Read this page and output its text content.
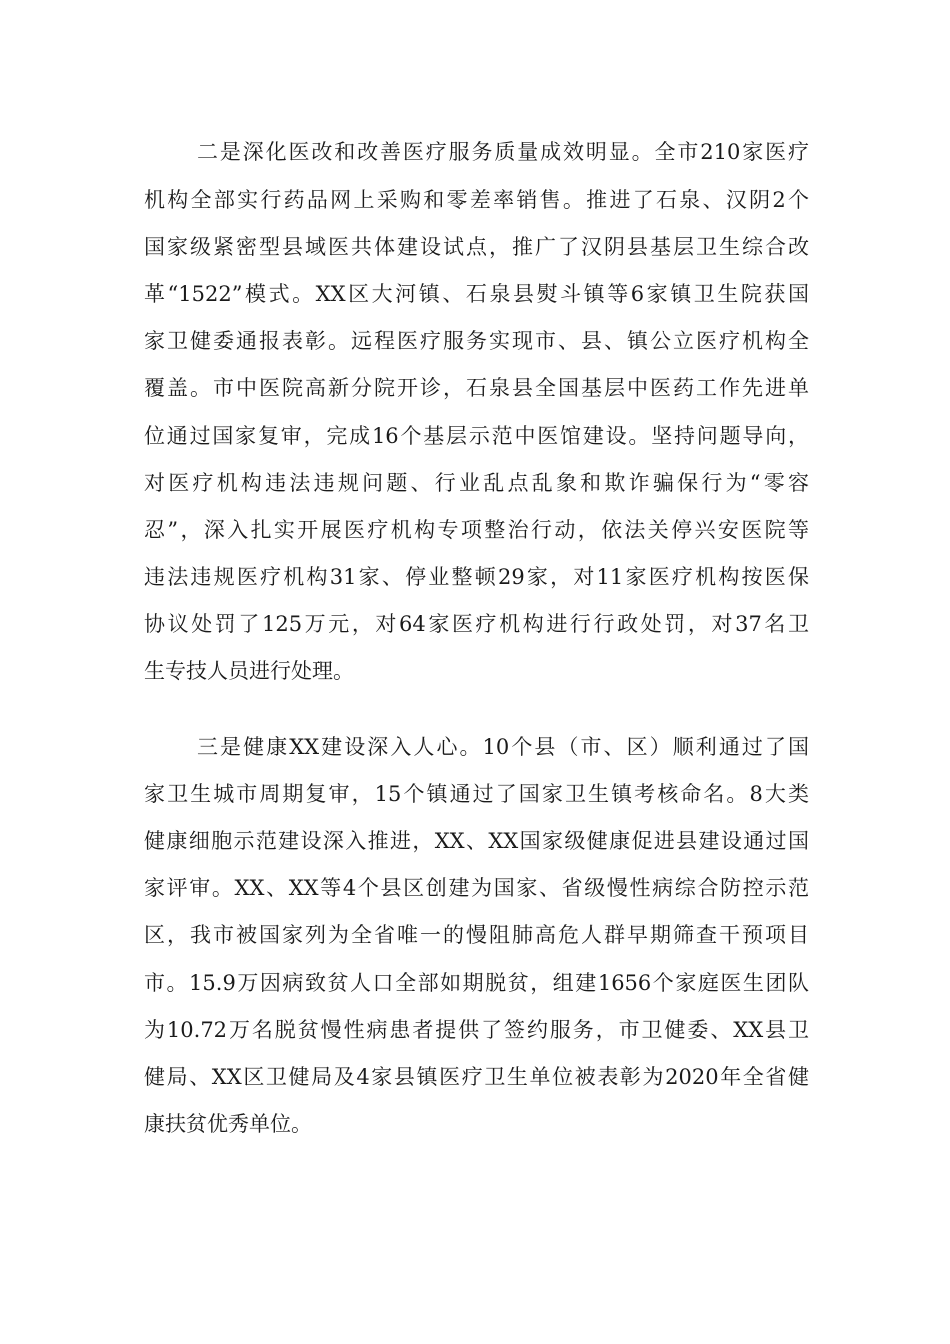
二是深化医改和改善医疗服务质量成效明显。全市210家医疗
机构全部实行药品网上采购和零差率销售。推进了石泉、汉阴2个
国家级紧密型县域医共体建设试点，推广了汉阴县基层卫生综合改
革“1522”模式。XX区大河镇、石泉县熨斗镇等6家镇卫生院获国
家卫健委通报表彰。远程医疗服务实现市、县、镇公立医疗机构全
覆盖。市中医院高新分院开诊，石泉县全国基层中医药工作先进单
位通过国家复审，完成16个基层示范中医馆建设。坚持问题导向，
对医疗机构违法违规问题、行业乱点乱象和欺诈骗保行为“零容
忍”，深入扎实开展医疗机构专项整治行动，依法关停兴安医院等
违法违规医疗机构31家、停业整顿29家，对11家医疗机构按医保
协议处罚了125万元，对64家医疗机构进行行政处罚，对37名卫
生专技人员进行处理。
三是健康XX建设深入人心。10个县（市、区）顺利通过了国
家卫生城市周期复审，15个镇通过了国家卫生镇考核命名。8大类
健康细胞示范建设深入推进，XX、XX国家级健康促进县建设通过国
家评审。XX、XX等4个县区创建为国家、省级慢性病综合防控示范
区，我市被国家列为全省唯一的慢阻肺高危人群早期筛查干预项目
市。15.9万因病致贫人口全部如期脱贫，组建1656个家庭医生团队
为10.72万名脱贫慢性病患者提供了签约服务，市卫健委、XX县卫
健局、XX区卫健局及4家县镇医疗卫生单位被表彰为2020年全省健
康扶贫优秀单位。
